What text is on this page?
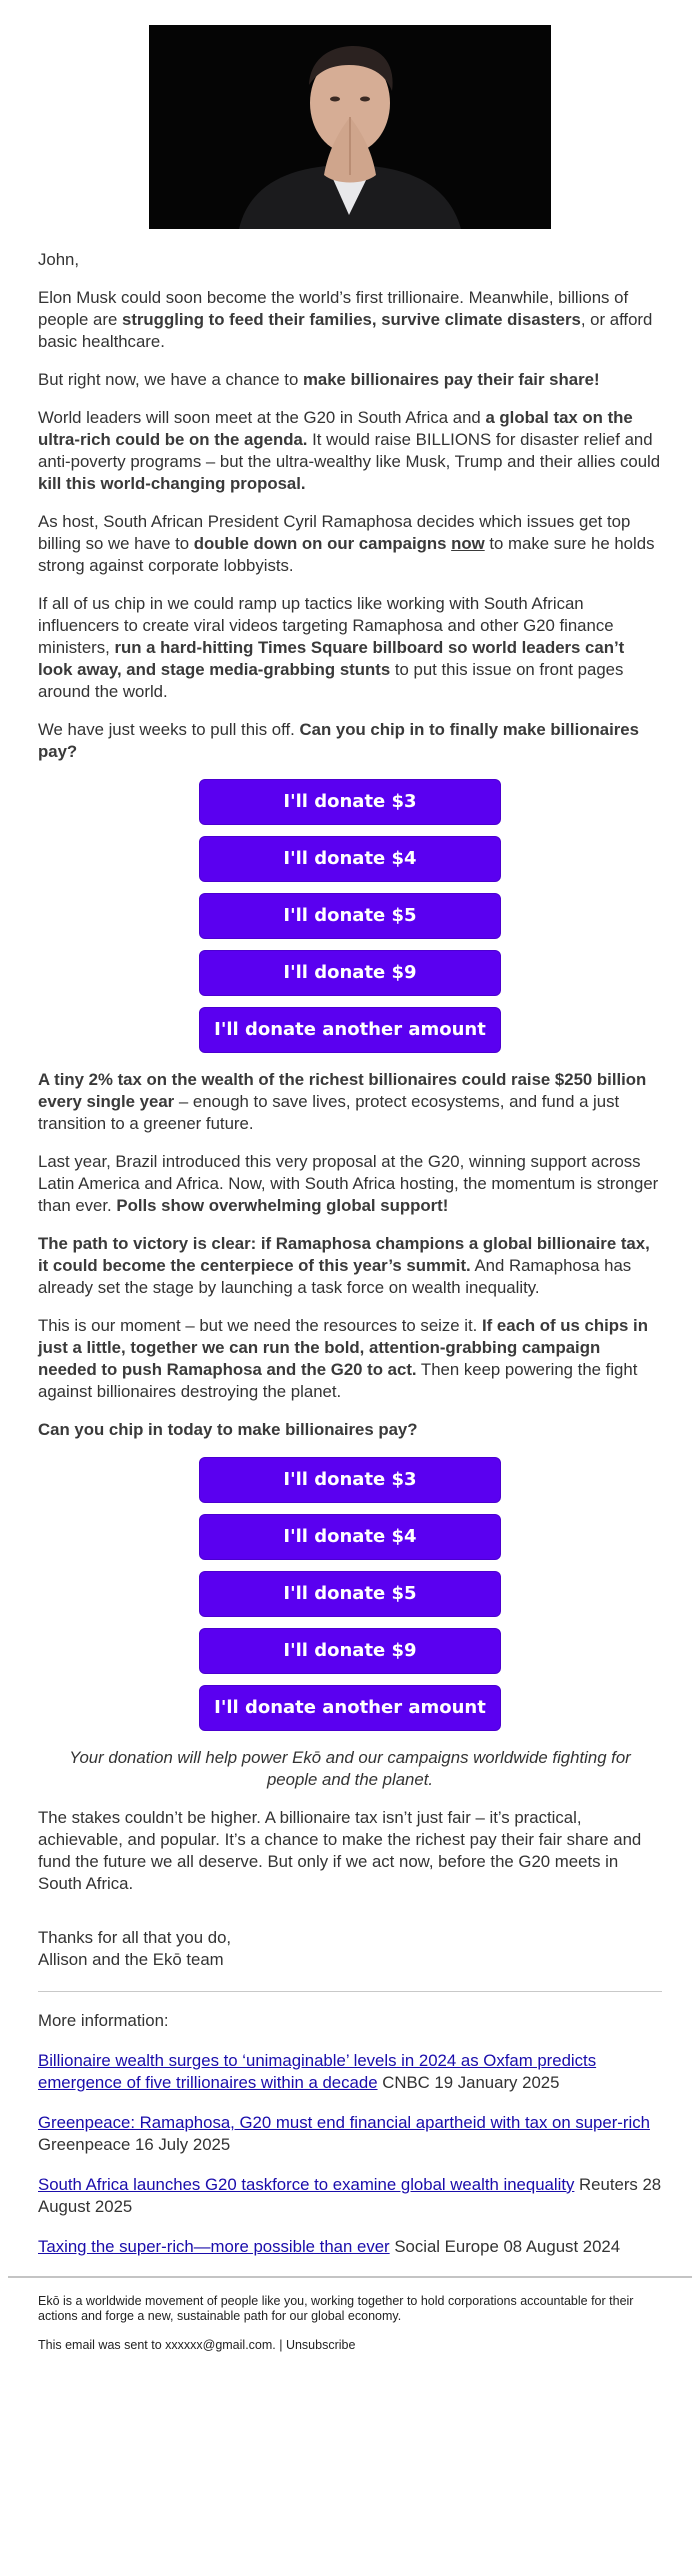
John,

Elon Musk could soon become the world’s first trillionaire. Meanwhile, billions of people are struggling to feed their families, survive climate disasters, or afford basic healthcare.

But right now, we have a chance to make billionaires pay their fair share!

World leaders will soon meet at the G20 in South Africa and a global tax on the ultra-rich could be on the agenda. It would raise BILLIONS for disaster relief and anti-poverty programs – but the ultra-wealthy like Musk, Trump and their allies could kill this world-changing proposal.

As host, South African President Cyril Ramaphosa decides which issues get top billing so we have to double down on our campaigns now to make sure he holds strong against corporate lobbyists.

If all of us chip in we could ramp up tactics like working with South African influencers to create viral videos targeting Ramaphosa and other G20 finance ministers, run a hard-hitting Times Square billboard so world leaders can’t look away, and stage media-grabbing stunts to put this issue on front pages around the world.

We have just weeks to pull this off. Can you chip in to finally make billionaires pay?

I'll donate $3
I'll donate $4
I'll donate $5
I'll donate $9
I'll donate another amount

A tiny 2% tax on the wealth of the richest billionaires could raise $250 billion every single year – enough to save lives, protect ecosystems, and fund a just transition to a greener future.

Last year, Brazil introduced this very proposal at the G20, winning support across Latin America and Africa. Now, with South Africa hosting, the momentum is stronger than ever. Polls show overwhelming global support!

The path to victory is clear: if Ramaphosa champions a global billionaire tax, it could become the centerpiece of this year’s summit. And Ramaphosa has already set the stage by launching a task force on wealth inequality.

This is our moment – but we need the resources to seize it. If each of us chips in just a little, together we can run the bold, attention-grabbing campaign needed to push Ramaphosa and the G20 to act. Then keep powering the fight against billionaires destroying the planet.

Can you chip in today to make billionaires pay?

I'll donate $3
I'll donate $4
I'll donate $5
I'll donate $9
I'll donate another amount

Your donation will help power Ekō and our campaigns worldwide fighting for people and the planet.

The stakes couldn’t be higher. A billionaire tax isn’t just fair – it’s practical, achievable, and popular. It’s a chance to make the richest pay their fair share and fund the future we all deserve. But only if we act now, before the G20 meets in South Africa.

Thanks for all that you do,

Allison and the Ekō team

More information:

Billionaire wealth surges to ‘unimaginable’ levels in 2024 as Oxfam predicts emergence of five trillionaires within a decade CNBC 19 January 2025

Greenpeace: Ramaphosa, G20 must end financial apartheid with tax on super-rich Greenpeace 16 July 2025

South Africa launches G20 taskforce to examine global wealth inequality Reuters 28 August 2025

Taxing the super-rich—more possible than ever Social Europe 08 August 2024

Ekō is a worldwide movement of people like you, working together to hold corporations accountable for their actions and forge a new, sustainable path for our global economy.

This email was sent to xxxxxx@gmail.com. | Unsubscribe
